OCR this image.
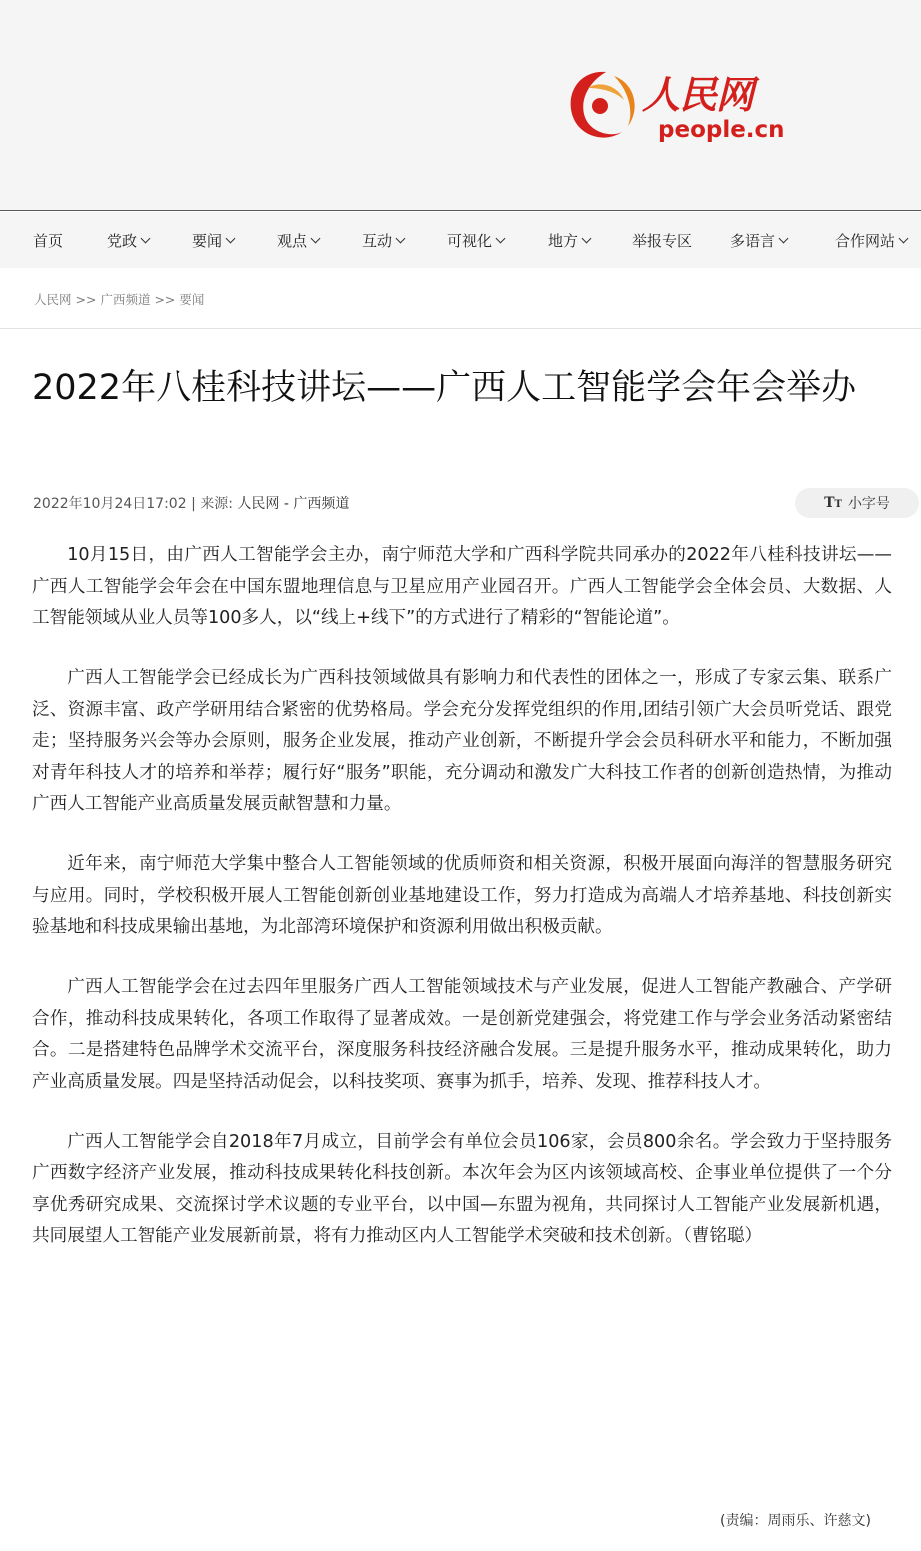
人民网
people.cn
首页	党政	要闻	观点	互动	可视化	地方	举报专区	多语言	合作网站
人民网 >> 广西频道 >> 要闻
2022年八桂科技讲坛——广西人工智能学会年会举办
2022年10月24日17:02 | 来源: 人民网 - 广西频道	TT 小字号

10月15日，由广西人工智能学会主办，南宁师范大学和广西科学院共同承办的2022年八桂科技讲坛——广西人工智能学会年会在中国东盟地理信息与卫星应用产业园召开。广西人工智能学会全体会员、大数据、人工智能领域从业人员等100多人，以“线上+线下”的方式进行了精彩的“智能论道”。

广西人工智能学会已经成长为广西科技领域做具有影响力和代表性的团体之一，形成了专家云集、联系广泛、资源丰富、政产学研用结合紧密的优势格局。学会充分发挥党组织的作用,团结引领广大会员听党话、跟党走；坚持服务兴会等办会原则，服务企业发展，推动产业创新，不断提升学会会员科研水平和能力，不断加强对青年科技人才的培养和举荐；履行好“服务”职能，充分调动和激发广大科技工作者的创新创造热情，为推动广西人工智能产业高质量发展贡献智慧和力量。

近年来，南宁师范大学集中整合人工智能领域的优质师资和相关资源，积极开展面向海洋的智慧服务研究与应用。同时，学校积极开展人工智能创新创业基地建设工作，努力打造成为高端人才培养基地、科技创新实验基地和科技成果输出基地，为北部湾环境保护和资源利用做出积极贡献。

广西人工智能学会在过去四年里服务广西人工智能领域技术与产业发展，促进人工智能产教融合、产学研合作，推动科技成果转化，各项工作取得了显著成效。一是创新党建强会，将党建工作与学会业务活动紧密结合。二是搭建特色品牌学术交流平台，深度服务科技经济融合发展。三是提升服务水平，推动成果转化，助力产业高质量发展。四是坚持活动促会，以科技奖项、赛事为抓手，培养、发现、推荐科技人才。

广西人工智能学会自2018年7月成立，目前学会有单位会员106家，会员800余名。学会致力于坚持服务广西数字经济产业发展，推动科技成果转化科技创新。本次年会为区内该领域高校、企事业单位提供了一个分享优秀研究成果、交流探讨学术议题的专业平台，以中国—东盟为视角，共同探讨人工智能产业发展新机遇，共同展望人工智能产业发展新前景，将有力推动区内人工智能学术突破和技术创新。（曹铭聪）

(责编：周雨乐、许慈文)
